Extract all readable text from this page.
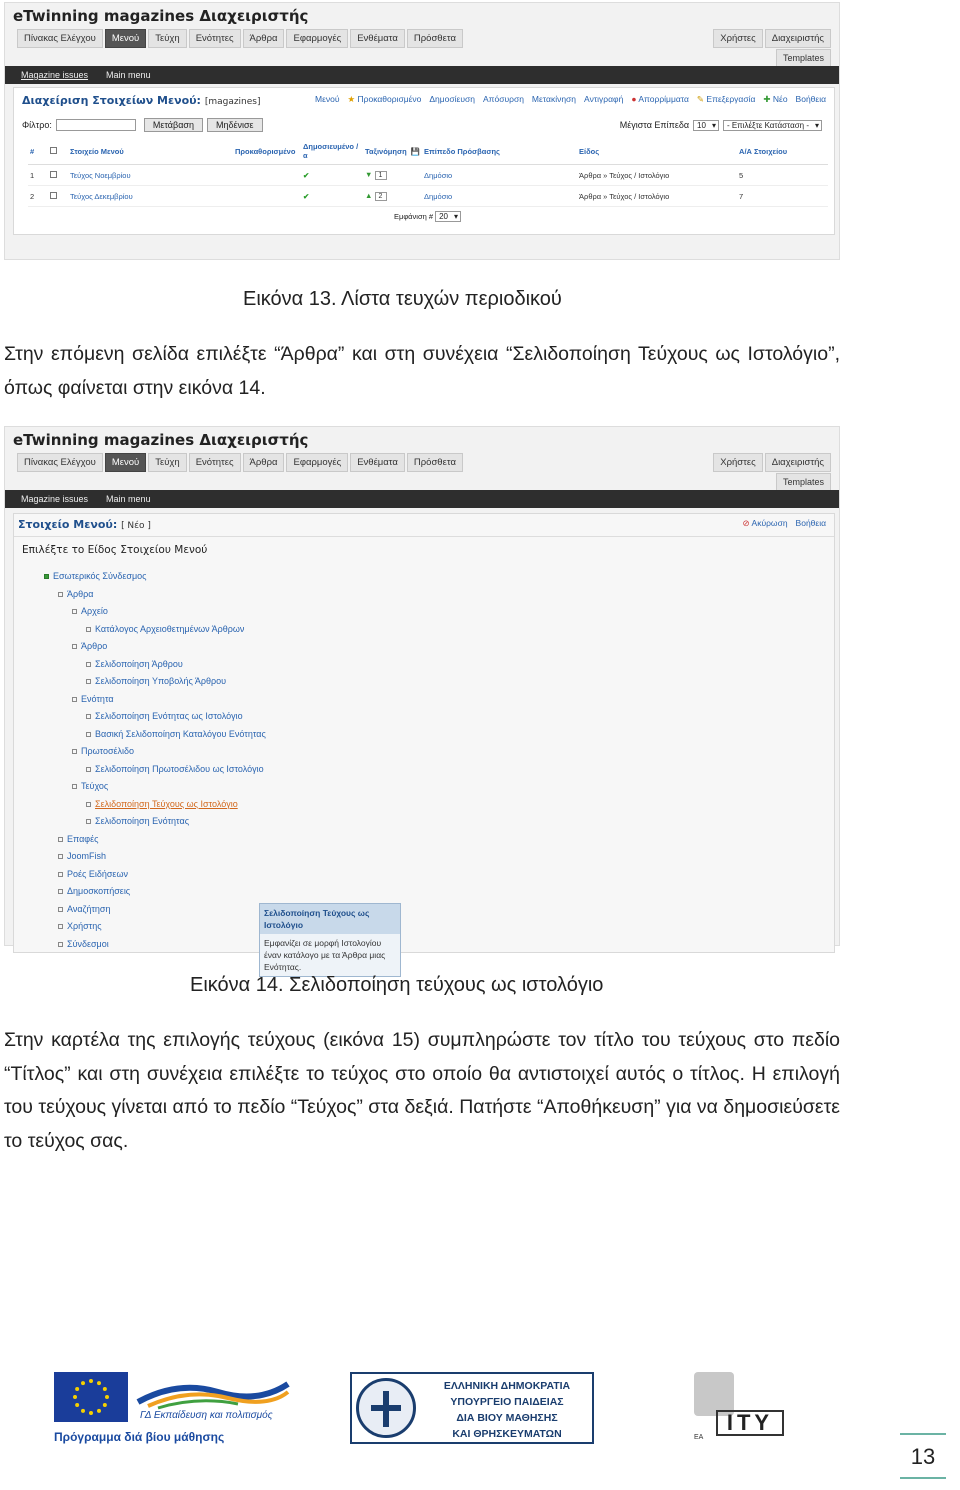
eTwinning magazines Διαχειριστής
Πίνακας Ελέγχου	Μενού	Τεύχη	Ενότητες	Άρθρα	Εφαρμογές	Ενθέματα	Πρόσθετα	Χρήστες	Διαχειριστής
Templates
Magazine issues Main menu
Διαχείριση Στοιχείων Μενού: [magazines]	Μενού ★ Προκαθορισμένο Δημοσίευση Απόσυρση Μετακίνηση Αντιγραφή ● Απορρίμματα ✎ Επεξεργασία ✚ Νέο Βοήθεια
Φίλτρο:	Μετάβαση	Μηδένισε	Μέγιστα Επίπεδα	10 ▾	- Επιλέξτε Κατάσταση - ▾
#		Στοιχείο Μενού	Προκαθορισμένο	Δημοσιευμένο /α	Ταξινόμηση	💾	Επίπεδο Πρόσβασης	Είδος	Α/Α Στοιχείου
1		Τεύχος Νοεμβρίου		✔	▼ 1		Δημόσιο	Άρθρα » Τεύχος / Ιστολόγιο	5
2		Τεύχος Δεκεμβρίου		✔	▲ 2		Δημόσιο	Άρθρα » Τεύχος / Ιστολόγιο	7
Εμφάνιση # 20 ▾
Εικόνα 13. Λίστα τευχών περιοδικού
Στην επόμενη σελίδα επιλέξτε “Άρθρα” και στη συνέχεια “Σελιδοποίηση Τεύχους ως Ιστολόγιο”, όπως φαίνεται στην εικόνα 14.
eTwinning magazines Διαχειριστής
Πίνακας Ελέγχου	Μενού	Τεύχη	Ενότητες	Άρθρα	Εφαρμογές	Ενθέματα	Πρόσθετα	Χρήστες	Διαχειριστής
Templates
Magazine issues Main menu
Στοιχείο Μενού: [ Νέο ]	⊘ Ακύρωση Βοήθεια
Επιλέξτε το Είδος Στοιχείου Μενού
Εσωτερικός Σύνδεσμος
Άρθρα
Αρχείο
Κατάλογος Αρχειοθετημένων Άρθρων
Άρθρο
Σελιδοποίηση Άρθρου
Σελιδοποίηση Υποβολής Άρθρου
Ενότητα
Σελιδοποίηση Ενότητας ως Ιστολόγιο
Βασική Σελιδοποίηση Καταλόγου Ενότητας
Πρωτοσέλιδο
Σελιδοποίηση Πρωτοσέλιδου ως Ιστολόγιο
Τεύχος
Σελιδοποίηση Τεύχους ως Ιστολόγιο
Σελιδοποίηση Ενότητας
Επαφές
JoomFish
Ροές Ειδήσεων
Δημοσκοπήσεις
Αναζήτηση
Χρήστης
Σύνδεσμοι
Σελιδοποίηση Τεύχους ως Ιστολόγιο
Εμφανίζει σε μορφή Ιστολογίου έναν κατάλογο με τα Άρθρα μιας Ενότητας.
Εικόνα 14. Σελιδοποίηση τεύχους ως ιστολόγιο
Στην καρτέλα της επιλογής τεύχους (εικόνα 15) συμπληρώστε τον τίτλο του τεύχους στο πεδίο “Τίτλος” και στη συνέχεια επιλέξτε το τεύχος στο οποίο θα αντιστοιχεί αυτός ο τίτλος. Η επιλογή του τεύχους γίνεται από το πεδίο “Τεύχος” στα δεξιά. Πατήστε “Αποθήκευση” για να δημοσιεύσετε το τεύχος σας.
ΓΔ Εκπαίδευση και πολιτισμός
Πρόγραμμα διά βίου μάθησης
ΕΛΛΗΝΙΚΗ ΔΗΜΟΚΡΑΤΙΑ
ΥΠΟΥΡΓΕΙΟ ΠΑΙΔΕΙΑΣ
ΔΙΑ ΒΙΟΥ ΜΑΘΗΣΗΣ
ΚΑΙ ΘΡΗΣΚΕΥΜΑΤΩΝ	ΕΑ
ITY
13
